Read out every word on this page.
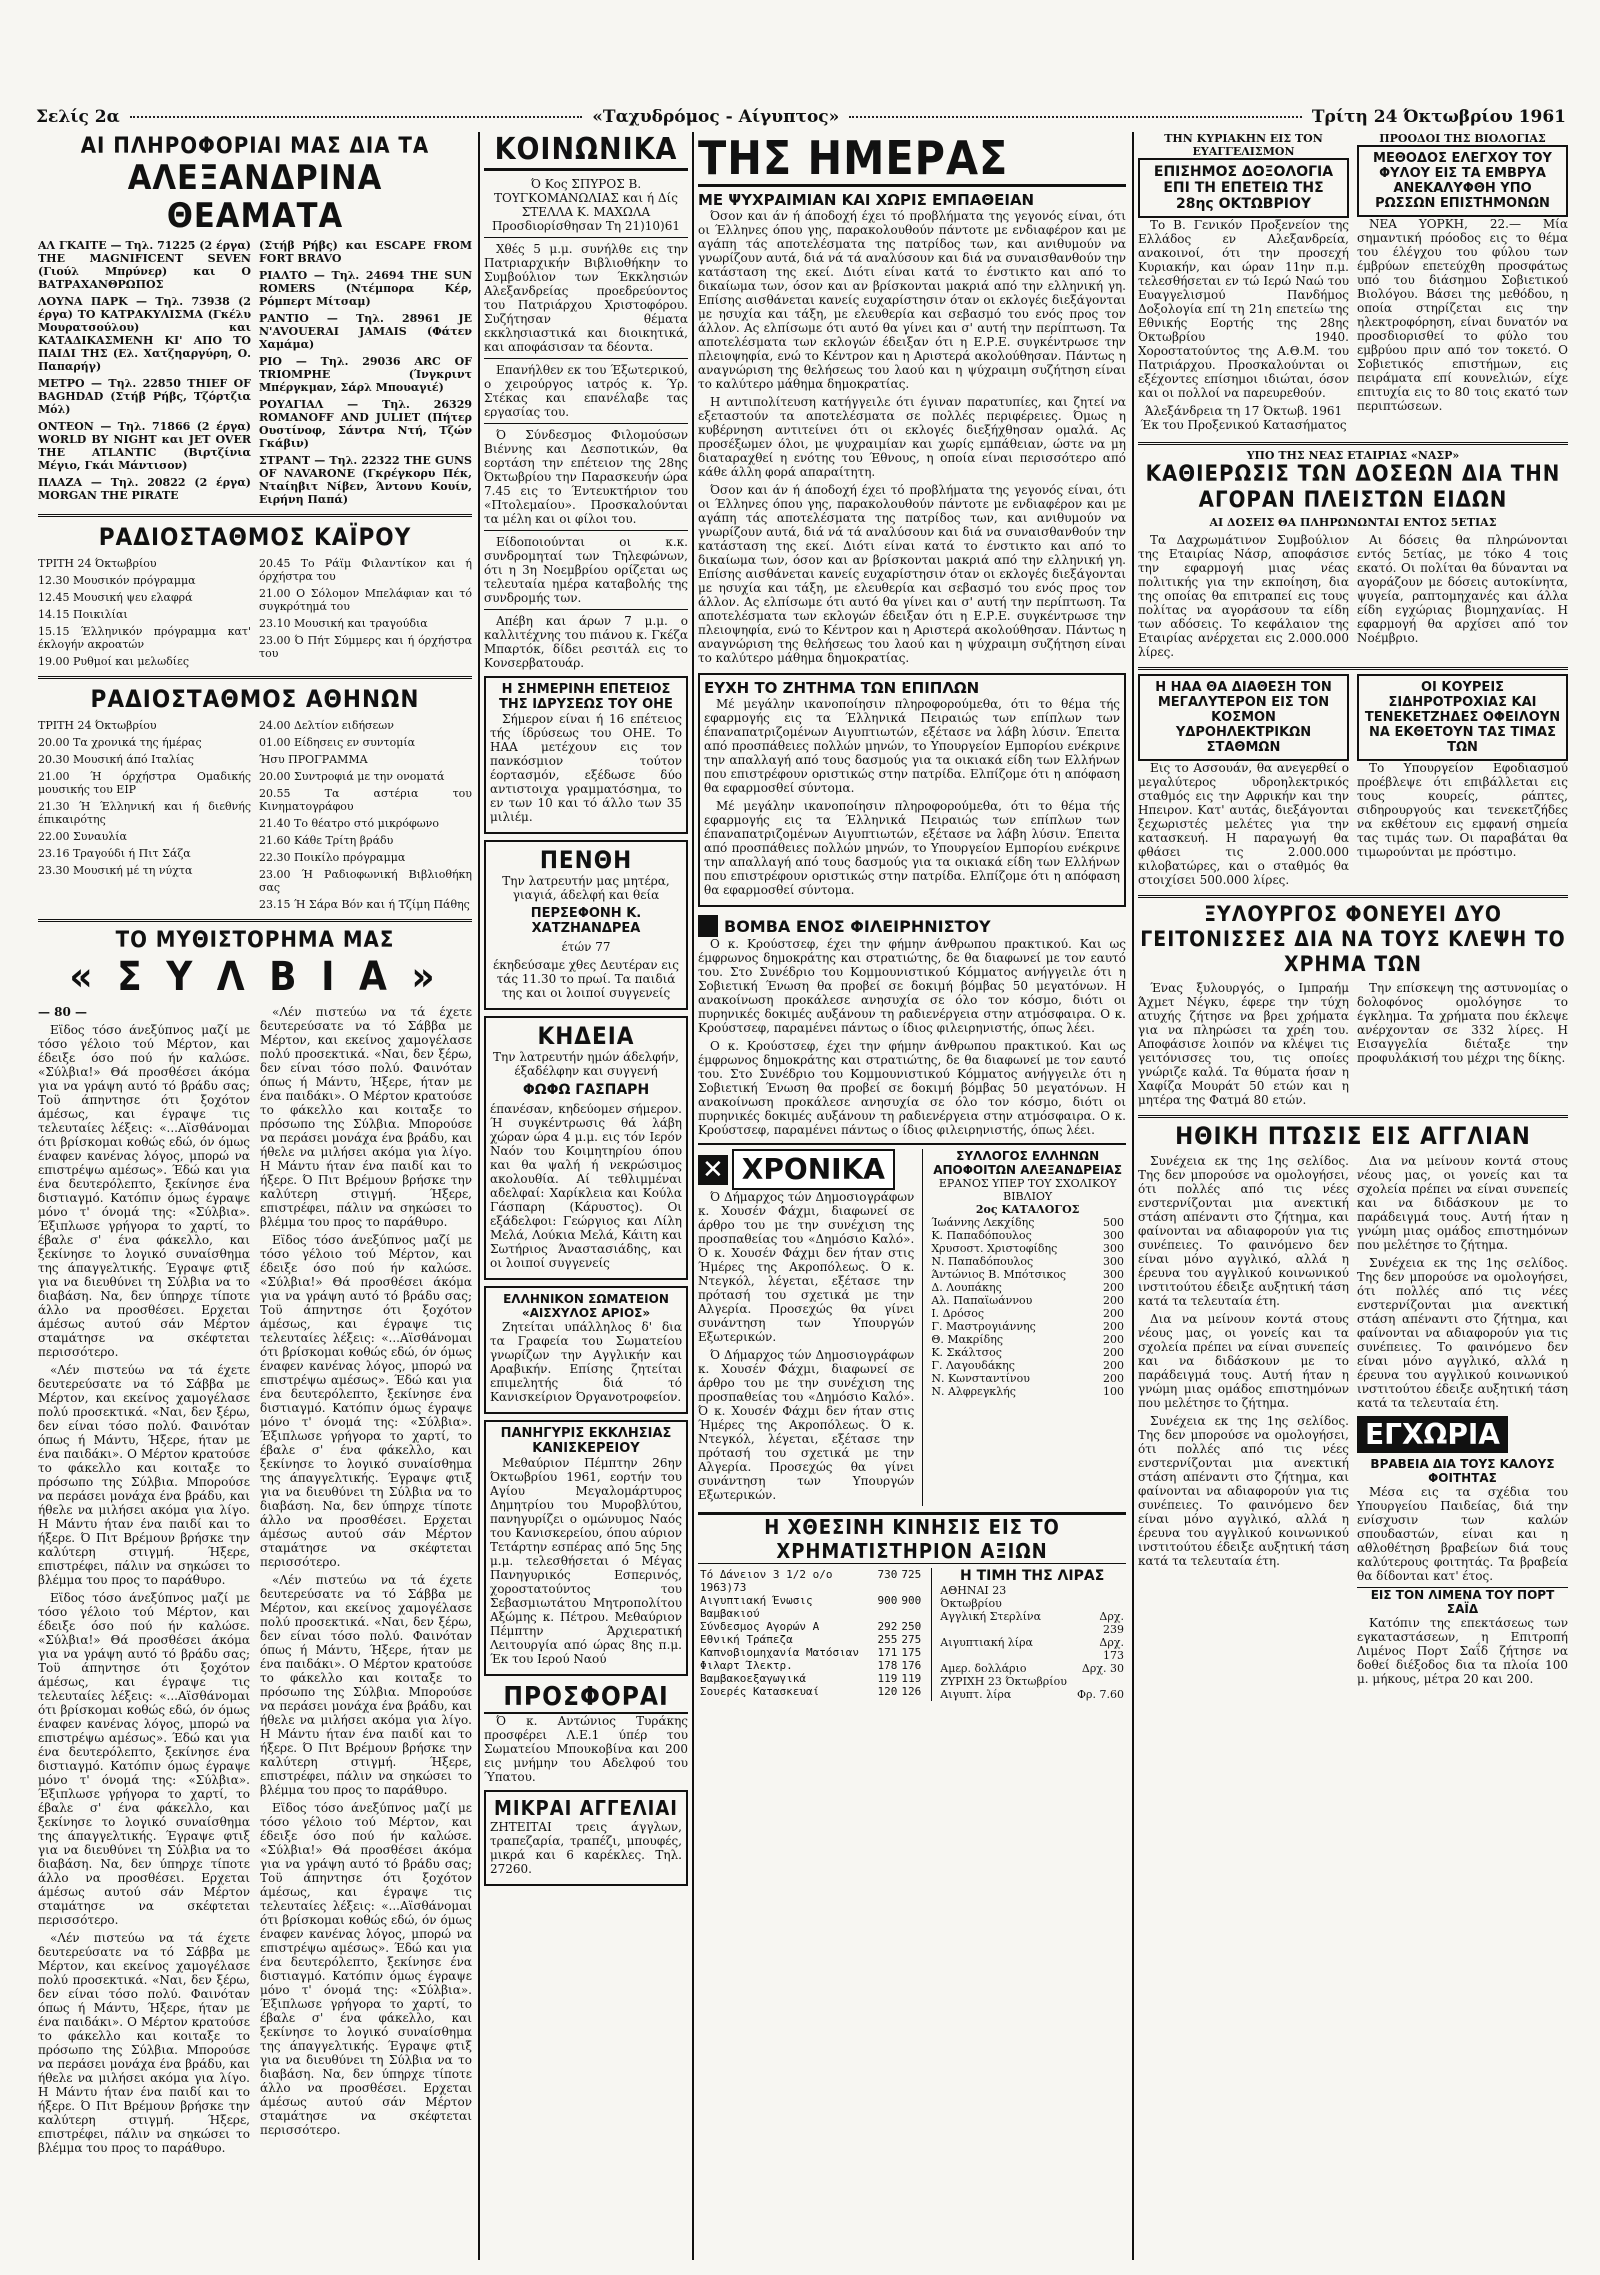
Σελίς 2α	«Ταχυδρόμος - Αίγυπτος»	Τρίτη 24 Όκτωβρίου 1961
ΑΙ ΠΛΗΡΟΦΟΡΙΑΙ ΜΑΣ ΔΙΑ ΤΑ
ΑΛΕΞΑΝΔΡΙΝΑ ΘΕΑΜΑΤΑ

ΑΛ ΓΚΑΙΤΕ — Τηλ. 71225 (2 έργα) THE MAGNIFICENT SEVEN (Γιούλ Μπρύνερ) και Ο ΒΑΤΡΑΧΑΝΘΡΩΠΟΣ

ΛΟΥΝΑ ΠΑΡΚ — Τηλ. 73938 (2 έργα) ΤΟ ΚΑΤΡΑΚΥΛΙΣΜΑ (Γκέλυ Μουρατσούλου) και ΚΑΤΑΔΙΚΑΣΜΕΝΗ ΚΙ' ΑΠΟ ΤΟ ΠΑΙΔΙ ΤΗΣ (Ελ. Χατζηαργύρη, Ο. Παπαρήγ)

ΜΕΤΡΟ — Τηλ. 22850 THIEF OF BAGHDAD (Στήβ Ρήβς, Τζόρτζια Μόλ)

ΟΝΤΕΟΝ — Τηλ. 71866 (2 έργα) WORLD BY NIGHT και JET OVER THE ATLANTIC (Βιρτζίνια Μέγιο, Γκάι Μάντισον)

ΠΛΑΖΑ — Τηλ. 20822 (2 έργα) MORGAN THE PIRATE

(Στήβ Ρήβς) και ESCAPE FROM FORT BRAVO

ΡΙΑΛΤΟ — Τηλ. 24694 THE SUN ROMERS (Ντέμπορα Κέρ, Ρόμπερτ Μίτσαμ)

ΡΑΝΤΙΟ — Τηλ. 28961 JE N'AVOUERAI JAMAIS (Φάτεν Χαμάμα)

ΡΙΟ — Τηλ. 29036 ARC OF TRIOMPHE (Ίνγκριντ Μπέργκμαν, Σάρλ Μπουαγιέ)

ΡΟΥΑΓΙΑΛ — Τηλ. 26329 ROMANOFF AND JULIET (Πήτερ Ουστίνοφ, Σάντρα Ντή, Τζών Γκάβιν)

ΣΤΡΑΝΤ — Τηλ. 22322 THE GUNS OF NAVARONE (Γκρέγκορυ Πέκ, Νταίηβιτ Νίβεν, Άντονυ Κουίν, Ειρήνη Παπά)

ΡΑΔΙΟΣΤΑΘΜΟΣ ΚΑΪΡΟΥ

ΤΡΙΤΗ 24 Όκτωβρίου

12.30 Μουσικόν πρόγραμμα

12.45 Μουσική ψευ ελαφρά

14.15 Ποικιλίαι

15.15 Έλληνικόν πρόγραμμα κατ' έκλογήν ακροατών

19.00 Ρυθμοί και μελωδίες

20.45 Το Ράϊμ Φιλαντίκον και ή όρχήστρα του

21.00 Ο Σόλομον Μπελάφιαν και τό συγκρότημά του

23.10 Μουσική και τραγούδια

23.00 Ό Πήτ Σύμμερς και ή όρχήστρα του

ΡΑΔΙΟΣΤΑΘΜΟΣ ΑΘΗΝΩΝ

ΤΡΙΤΗ 24 Όκτωβρίου

20.00 Τα χρονικά της ήμέρας

20.30 Μουσική άπό Ιταλίας

21.00 Ή όρχήστρα Ομαδικής μουσικής του ΕΙΡ

21.30 Ή Έλληνική και ή διεθνής έπικαιρότης

22.00 Συναυλία

23.16 Τραγούδι ή Πιτ Σάζα

23.30 Μουσική μέ τη νύχτα

24.00 Δελτίον ειδήσεων

01.00 Είδησεις εν συντομία

Ήσυ ΠΡΟΓΡΑΜΜΑ

20.00 Συντροφιά με την ονοματά

20.55 Τα αστέρια του Κινηματογράφου

21.40 Το θέατρο στό μικρόφωνο

21.60 Κάθε Τρίτη βράδυ

22.30 Ποικίλο πρόγραμμα

23.00 Ή Ραδιοφωνική Βιβλιοθήκη σας

23.15 Ή Σάρα Βόν και ή Τζίμη Πάθης

ΤΟ ΜΥΘΙΣΤΟΡΗΜΑ ΜΑΣ
« Σ Υ Λ Β Ι Α »

— 80 —

Εϊδος τόσο άνεξύπνος μαζί με τόσο γέλοιο τού Μέρτον, και έδειξε όσο πού ήν καλώσε. «Σύλβια!» Θά προσθέσει άκόμα για να γράψη αυτό τό βράδυ σας; Τοϋ άπηντησε ότι ξοχότον άμέσως, και έγραψε τις τελευταίες λέξεις: «...Αϊσθάνομαι ότι βρίσκομαι κοθώς εδώ, όν όμως έναφεν κανένας λόγος, μπορώ να επιστρέψω αμέσως». Έδώ και για ένα δευτερόλεπτο, ξεκίνησε ένα διστιαγμό. Κατόπιν όμως έγραψε μόνο τ' όνομά της: «Σύλβια». Έξιπλωσε γρήγορα το χαρτί, το έβαλε σ' ένα φάκελλο, και ξεκίνησε το λογικό συναίσθημα της άπαγγελτικής. Έγραψε φτιξ για να διευθύνει τη Σύλβια να το διαβάση. Να, δεν ύπηρχε τίποτε άλλο να προσθέσει. Ερχεται άμέσως αυτού σάν Μέρτον σταμάτησε να σκέφτεται περισσότερο.

«Λέν πιστεύω να τά έχετε δευτερεύσατε να τό Σάββα με Μέρτον, και εκείνος χαμογέλασε πολύ προσεκτικά. «Ναι, δεν ξέρω, δεν είναι τόσο πολύ. Φαινόταν όπως ή Μάντυ, Ήξερε, ήταν με ένα παιδάκι». Ο Μέρτον κρατούσε το φάκελλο και κοιταξε το πρόσωπο της Σύλβια. Μπορούσε να περάσει μονάχα ένα βράδυ, και ήθελε να μιλήσει ακόμα για λίγο. Η Μάντυ ήταν ένα παιδί και το ήξερε. Ό Πιτ Βρέμουν βρήσκε την καλύτερη στιγμή. Ήξερε, επιστρέφει, πάλιν να σηκώσει το βλέμμα του προς το παράθυρο.

Εϊδος τόσο άνεξύπνος μαζί με τόσο γέλοιο τού Μέρτον, και έδειξε όσο πού ήν καλώσε. «Σύλβια!» Θά προσθέσει άκόμα για να γράψη αυτό τό βράδυ σας; Τοϋ άπηντησε ότι ξοχότον άμέσως, και έγραψε τις τελευταίες λέξεις: «...Αϊσθάνομαι ότι βρίσκομαι κοθώς εδώ, όν όμως έναφεν κανένας λόγος, μπορώ να επιστρέψω αμέσως». Έδώ και για ένα δευτερόλεπτο, ξεκίνησε ένα διστιαγμό. Κατόπιν όμως έγραψε μόνο τ' όνομά της: «Σύλβια». Έξιπλωσε γρήγορα το χαρτί, το έβαλε σ' ένα φάκελλο, και ξεκίνησε το λογικό συναίσθημα της άπαγγελτικής. Έγραψε φτιξ για να διευθύνει τη Σύλβια να το διαβάση. Να, δεν ύπηρχε τίποτε άλλο να προσθέσει. Ερχεται άμέσως αυτού σάν Μέρτον σταμάτησε να σκέφτεται περισσότερο.

«Λέν πιστεύω να τά έχετε δευτερεύσατε να τό Σάββα με Μέρτον, και εκείνος χαμογέλασε πολύ προσεκτικά. «Ναι, δεν ξέρω, δεν είναι τόσο πολύ. Φαινόταν όπως ή Μάντυ, Ήξερε, ήταν με ένα παιδάκι». Ο Μέρτον κρατούσε το φάκελλο και κοιταξε το πρόσωπο της Σύλβια. Μπορούσε να περάσει μονάχα ένα βράδυ, και ήθελε να μιλήσει ακόμα για λίγο. Η Μάντυ ήταν ένα παιδί και το ήξερε. Ό Πιτ Βρέμουν βρήσκε την καλύτερη στιγμή. Ήξερε, επιστρέφει, πάλιν να σηκώσει το βλέμμα του προς το παράθυρο.

«Λέν πιστεύω να τά έχετε δευτερεύσατε να τό Σάββα με Μέρτον, και εκείνος χαμογέλασε πολύ προσεκτικά. «Ναι, δεν ξέρω, δεν είναι τόσο πολύ. Φαινόταν όπως ή Μάντυ, Ήξερε, ήταν με ένα παιδάκι». Ο Μέρτον κρατούσε το φάκελλο και κοιταξε το πρόσωπο της Σύλβια. Μπορούσε να περάσει μονάχα ένα βράδυ, και ήθελε να μιλήσει ακόμα για λίγο. Η Μάντυ ήταν ένα παιδί και το ήξερε. Ό Πιτ Βρέμουν βρήσκε την καλύτερη στιγμή. Ήξερε, επιστρέφει, πάλιν να σηκώσει το βλέμμα του προς το παράθυρο.

Εϊδος τόσο άνεξύπνος μαζί με τόσο γέλοιο τού Μέρτον, και έδειξε όσο πού ήν καλώσε. «Σύλβια!» Θά προσθέσει άκόμα για να γράψη αυτό τό βράδυ σας; Τοϋ άπηντησε ότι ξοχότον άμέσως, και έγραψε τις τελευταίες λέξεις: «...Αϊσθάνομαι ότι βρίσκομαι κοθώς εδώ, όν όμως έναφεν κανένας λόγος, μπορώ να επιστρέψω αμέσως». Έδώ και για ένα δευτερόλεπτο, ξεκίνησε ένα διστιαγμό. Κατόπιν όμως έγραψε μόνο τ' όνομά της: «Σύλβια». Έξιπλωσε γρήγορα το χαρτί, το έβαλε σ' ένα φάκελλο, και ξεκίνησε το λογικό συναίσθημα της άπαγγελτικής. Έγραψε φτιξ για να διευθύνει τη Σύλβια να το διαβάση. Να, δεν ύπηρχε τίποτε άλλο να προσθέσει. Ερχεται άμέσως αυτού σάν Μέρτον σταμάτησε να σκέφτεται περισσότερο.

«Λέν πιστεύω να τά έχετε δευτερεύσατε να τό Σάββα με Μέρτον, και εκείνος χαμογέλασε πολύ προσεκτικά. «Ναι, δεν ξέρω, δεν είναι τόσο πολύ. Φαινόταν όπως ή Μάντυ, Ήξερε, ήταν με ένα παιδάκι». Ο Μέρτον κρατούσε το φάκελλο και κοιταξε το πρόσωπο της Σύλβια. Μπορούσε να περάσει μονάχα ένα βράδυ, και ήθελε να μιλήσει ακόμα για λίγο. Η Μάντυ ήταν ένα παιδί και το ήξερε. Ό Πιτ Βρέμουν βρήσκε την καλύτερη στιγμή. Ήξερε, επιστρέφει, πάλιν να σηκώσει το βλέμμα του προς το παράθυρο.

Εϊδος τόσο άνεξύπνος μαζί με τόσο γέλοιο τού Μέρτον, και έδειξε όσο πού ήν καλώσε. «Σύλβια!» Θά προσθέσει άκόμα για να γράψη αυτό τό βράδυ σας; Τοϋ άπηντησε ότι ξοχότον άμέσως, και έγραψε τις τελευταίες λέξεις: «...Αϊσθάνομαι ότι βρίσκομαι κοθώς εδώ, όν όμως έναφεν κανένας λόγος, μπορώ να επιστρέψω αμέσως». Έδώ και για ένα δευτερόλεπτο, ξεκίνησε ένα διστιαγμό. Κατόπιν όμως έγραψε μόνο τ' όνομά της: «Σύλβια». Έξιπλωσε γρήγορα το χαρτί, το έβαλε σ' ένα φάκελλο, και ξεκίνησε το λογικό συναίσθημα της άπαγγελτικής. Έγραψε φτιξ για να διευθύνει τη Σύλβια να το διαβάση. Να, δεν ύπηρχε τίποτε άλλο να προσθέσει. Ερχεται άμέσως αυτού σάν Μέρτον σταμάτησε να σκέφτεται περισσότερο.

ΚΟΙΝΩΝΙΚΑ
Ό Κος ΣΠΥΡΟΣ Β. ΤΟΥΓΚΟΜΑΝΩΛΙΑΣ και ή Δίς ΣΤΕΛΛΑ Κ. ΜΑΧΩΛΑ Προσδιορίσθησαν Τη 21)10)61

Χθές 5 μ.μ. συνήλθε εις την Πατριαρχικήν Βιβλιοθήκην το Συμβούλιον των Έκκλησιών Αλεξανδρείας προεδρεύοντος του Πατριάρχου Χριστοφόρου. Συζήτησαν θέματα εκκλησιαστικά και διοικητικά, και αποφάσισαν τα δέοντα.

Επανήλθεν εκ του Έξωτερικού, ο χειρούργος ιατρός κ. Ύρ. Στέκας και επανέλαβε τας εργασίας του.

Ό Σύνδεσμος Φιλομούσων Βιέννης και Δεσποτικών, θα εορτάση την επέτειον της 28ης Όκτωβρίου την Παρασκευήν ώρα 7.45 εις το Έντευκτήριον του «Πτολεμαίου». Προσκαλούνται τα μέλη και οι φίλοι του.

Είδοποιούνται οι κ.κ. συνδρομηταί των Τηλεφώνων, ότι η 3η Νοεμβρίου ορίζεται ως τελευταία ημέρα καταβολής της συνδρομής των.

Απέβη και άρων 7 μ.μ. ο καλλιτέχνης του πιάνου κ. Γκέζα Μπαρτόκ, δίδει ρεσιτάλ εις το Κονσερβατουάρ.

Η ΣΗΜΕΡΙΝΗ ΕΠΕΤΕΙΟΣ ΤΗΣ ΙΔΡΥΣΕΩΣ ΤΟΥ ΟΗΕ

Σήμερον είναι ή 16 επέτειος τής ίδρύσεως του ΟΗΕ. Το ΗΑΑ μετέχουν εις τον πανκόσμιον τούτον έορτασμόν, εξέδωσε δύο αντιστοιχα γραμματόσημα, το εν των 10 και τό άλλο των 35 μιλιέμ.

ΠΕΝΘΗ

Την λατρευτήν μας μητέρα, γιαγιά, άδελφή και θεία

ΠΕΡΣΕΦΟΝΗ Κ. ΧΑΤΖΗΑΝΔΡΕΑ

έτών 77

έκηδεύσαμε χθες Δευτέραν εις τάς 11.30 το πρωί. Τα παιδιά της και οι λοιποί συγγενείς

ΚΗΔΕΙΑ

Την λατρευτήν ημών άδελφήν, έξαδέλφην και συγγενή

ΦΩΦΩ ΓΑΣΠΑΡΗ

έπανέσαν, κηδεύομεν σήμερον. Ή συγκέντρωσις θά λάβη χώραν ώρα 4 μ.μ. εις τόν Ιερόν Ναόν του Κοιμητηρίου όπου και θα ψαλή ή νεκρώσιμος ακολουθία. Αί τεθλιμμέναι αδελφαί: Χαρίκλεια και Κούλα Γάσπαρη (Κάρυστος). Οι εξάδελφοι: Γεώργιος και Λίλη Μελά, Λούκια Μελά, Κάιτη και Σωτήριος Άναστασιάδης, και οι λοιποί συγγενείς

ΕΛΛΗΝΙΚΟΝ ΣΩΜΑΤΕΙΟΝ «ΑΙΣΧΥΛΟΣ ΑΡΙΟΣ»

Ζητείται υπάλληλος δ' δια τα Γραφεία του Σωματείου γνωρίζων την Αγγλικήν και Αραβικήν. Επίσης ζητείται επιμελητής διά τό Κανισκείριον Όργανοτροφείον.

ΠΑΝΗΓΥΡΙΣ ΕΚΚΛΗΣΙΑΣ ΚΑΝΙΣΚΕΡΕΙΟΥ

Μεθαύριον Πέμπτην 26ην Όκτωβρίου 1961, εορτήν του Αγίου Μεγαλομάρτυρος Δημητρίου του Μυροβλύτου, πανηγυρίζει ο ομώνυμος Ναός του Κανισκερείου, όπου αύριον Τετάρτην εσπέρας από 5ης 5ης μ.μ. τελεσθήσεται ό Μέγας Πανηγυρικός Εσπερινός, χοροστατούντος του Σεβασμιωτάτου Μητροπολίτου Αξώμης κ. Πέτρου. Μεθαύριον Πέμπτην Άρχιερατική Λειτουργία από ώρας 8ης π.μ. Έκ του Ιερού Ναού

ΠΡΟΣΦΟΡΑΙ

Ό κ. Αντώνιος Τυράκης προσφέρει Λ.Ε.1 ύπέρ του Σωματείου Μπουκοβίνα και 200 εις μνήμην του Αδελφού του Ύπατου.

ΜΙΚΡΑΙ ΑΓΓΕΛΙΑΙ

ΖΗΤΕΙΤΑΙ τρεις άγγλων, τραπεζαρία, τραπέζι, μπουφές, μικρά και 6 καρέκλες. Τηλ. 27260.

ΤΗΣ ΗΜΕΡΑΣ
ΜΕ ΨΥΧΡΑΙΜΙΑΝ ΚΑΙ ΧΩΡΙΣ ΕΜΠΑΘΕΙΑΝ

Όσον και άν ή άποδοχή έχει τό προβλήματα της γεγονός είναι, ότι οι Έλληνες όπου γης, παρακολουθούν πάντοτε με ενδιαφέρον και με αγάπη τάς αποτελέσματα της πατρίδος των, και ανιθυμούν να γνωρίζουν αυτά, διά νά τά αναλύσουν και διά να συναισθανθούν την κατάσταση της εκεί. Διότι είναι κατά το ένστικτο και από το δικαίωμα των, όσον και αν βρίσκονται μακριά από την ελληνική γη. Επίσης αισθάνεται κανείς ευχαρίστησιν όταν οι εκλογές διεξάγονται με ησυχία και τάξη, με ελευθερία και σεβασμό του ενός προς τον άλλον. Ας ελπίσωμε ότι αυτό θα γίνει και σ' αυτή την περίπτωση. Τα αποτελέσματα των εκλογών έδειξαν ότι η Ε.Ρ.Ε. συγκέντρωσε την πλειοψηφία, ενώ το Κέντρον και η Αριστερά ακολούθησαν. Πάντως η αναγνώριση της θελήσεως του λαού και η ψύχραιμη συζήτηση είναι το καλύτερο μάθημα δημοκρατίας.

Η αντιπολίτευση κατήγγειλε ότι έγιναν παρατυπίες, και ζητεί να εξεταστούν τα αποτελέσματα σε πολλές περιφέρειες. Όμως η κυβέρνηση αντιτείνει ότι οι εκλογές διεξήχθησαν ομαλά. Ας προσέξωμεν όλοι, με ψυχραιμίαν και χωρίς εμπάθειαν, ώστε να μη διαταραχθεί η ενότης του Έθνους, η οποία είναι περισσότερο από κάθε άλλη φορά απαραίτητη.

Όσον και άν ή άποδοχή έχει τό προβλήματα της γεγονός είναι, ότι οι Έλληνες όπου γης, παρακολουθούν πάντοτε με ενδιαφέρον και με αγάπη τάς αποτελέσματα της πατρίδος των, και ανιθυμούν να γνωρίζουν αυτά, διά νά τά αναλύσουν και διά να συναισθανθούν την κατάσταση της εκεί. Διότι είναι κατά το ένστικτο και από το δικαίωμα των, όσον και αν βρίσκονται μακριά από την ελληνική γη. Επίσης αισθάνεται κανείς ευχαρίστησιν όταν οι εκλογές διεξάγονται με ησυχία και τάξη, με ελευθερία και σεβασμό του ενός προς τον άλλον. Ας ελπίσωμε ότι αυτό θα γίνει και σ' αυτή την περίπτωση. Τα αποτελέσματα των εκλογών έδειξαν ότι η Ε.Ρ.Ε. συγκέντρωσε την πλειοψηφία, ενώ το Κέντρον και η Αριστερά ακολούθησαν. Πάντως η αναγνώριση της θελήσεως του λαού και η ψύχραιμη συζήτηση είναι το καλύτερο μάθημα δημοκρατίας.

ΕΥΧΗ ΤΟ ΖΗΤΗΜΑ ΤΩΝ ΕΠΙΠΛΩΝ

Μέ μεγάλην ικανοποίησιν πληροφορούμεθα, ότι το θέμα τής εφαρμογής εις τα Έλληνικά Πειραιώς των επίπλων των έπαναπατριζομένων Αιγυπτιωτών, εξέτασε να λάβη λύσιν. Έπειτα από προσπάθειες πολλών μηνών, το Υπουργείον Εμπορίου ενέκρινε την απαλλαγή από τους δασμούς για τα οικιακά είδη των Ελλήνων που επιστρέφουν οριστικώς στην πατρίδα. Ελπίζομε ότι η απόφαση θα εφαρμοσθεί σύντομα.

Μέ μεγάλην ικανοποίησιν πληροφορούμεθα, ότι το θέμα τής εφαρμογής εις τα Έλληνικά Πειραιώς των επίπλων των έπαναπατριζομένων Αιγυπτιωτών, εξέτασε να λάβη λύσιν. Έπειτα από προσπάθειες πολλών μηνών, το Υπουργείον Εμπορίου ενέκρινε την απαλλαγή από τους δασμούς για τα οικιακά είδη των Ελλήνων που επιστρέφουν οριστικώς στην πατρίδα. Ελπίζομε ότι η απόφαση θα εφαρμοσθεί σύντομα.

ΒΟΜΒΑ ΕΝΟΣ ΦΙΛΕΙΡΗΝΙΣΤΟΥ

Ο κ. Κρούστσεφ, έχει την φήμην άνθρωπου πρακτικού. Και ως έμφρωνος δημοκράτης και στρατιώτης, δε θα διαφωνεί με τον εαυτό του. Στο Συνέδριο του Κομμουνιστικού Κόμματος ανήγγειλε ότι η Σοβιετική Ένωση θα προβεί σε δοκιμή βόμβας 50 μεγατόνων. Η ανακοίνωση προκάλεσε ανησυχία σε όλο τον κόσμο, διότι οι πυρηνικές δοκιμές αυξάνουν τη ραδιενέργεια στην ατμόσφαιρα. Ο κ. Κρούστσεφ, παραμένει πάντως ο ίδιος φιλειρηνιστής, όπως λέει.

Ο κ. Κρούστσεφ, έχει την φήμην άνθρωπου πρακτικού. Και ως έμφρωνος δημοκράτης και στρατιώτης, δε θα διαφωνεί με τον εαυτό του. Στο Συνέδριο του Κομμουνιστικού Κόμματος ανήγγειλε ότι η Σοβιετική Ένωση θα προβεί σε δοκιμή βόμβας 50 μεγατόνων. Η ανακοίνωση προκάλεσε ανησυχία σε όλο τον κόσμο, διότι οι πυρηνικές δοκιμές αυξάνουν τη ραδιενέργεια στην ατμόσφαιρα. Ο κ. Κρούστσεφ, παραμένει πάντως ο ίδιος φιλειρηνιστής, όπως λέει.

✕ ΧΡΟΝΙΚΑ

Ό Δήμαρχος τών Δημοσιογράφων κ. Χουσέν Φάχμι, διαφωνεί σε άρθρο του με την συνέχιση της προσπαθείας του «Δημόσιο Καλό». Ό κ. Χουσέν Φάχμι δεν ήταν στις Ήμέρες της Ακροπόλεως. Ό κ. Ντεγκόλ, λέγεται, εξέτασε την πρότασή του σχετικά με την Αλγερία. Προσεχώς θα γίνει συνάντηση των Υπουργών Εξωτερικών.

Ό Δήμαρχος τών Δημοσιογράφων κ. Χουσέν Φάχμι, διαφωνεί σε άρθρο του με την συνέχιση της προσπαθείας του «Δημόσιο Καλό». Ό κ. Χουσέν Φάχμι δεν ήταν στις Ήμέρες της Ακροπόλεως. Ό κ. Ντεγκόλ, λέγεται, εξέτασε την πρότασή του σχετικά με την Αλγερία. Προσεχώς θα γίνει συνάντηση των Υπουργών Εξωτερικών.

ΣΥΛΛΟΓΟΣ ΕΛΛΗΝΩΝ ΑΠΟΦΟΙΤΩΝ ΑΛΕΞΑΝΔΡΕΙΑΣ
ΕΡΑΝΟΣ ΥΠΕΡ ΤΟΥ ΣΧΟΛΙΚΟΥ ΒΙΒΛΙΟΥ
2ος ΚΑΤΑΛΟΓΟΣ
Ίωάννης Λεκχίδης	500
Κ. Παπαδόπουλος	300
Χρυσοστ. Χριστοφίδης	300
Ν. Παπαδόπουλος	300
Άντώνιος Β. Μπότσικος	300
Δ. Λουπάκης	200
Αλ. Παπαϊωάννου	200
Ι. Δρόσος	200
Γ. Μαστρογιάννης	200
Θ. Μακρίδης	200
Κ. Σκάλτσος	200
Γ. Λαγουδάκης	200
Ν. Κωνσταντίνου	200
Ν. Αλφρεγκλής	100
Η ΧΘΕΣΙΝΗ ΚΙΝΗΣΙΣ ΕΙΣ ΤΟ ΧΡΗΜΑΤΙΣΤΗΡΙΟΝ ΑΞΙΩΝ
Τό Δάνειον 3 1/2 ο/ο 1963)73	730	725
Αιγυπτιακή Ένωσις Βαμβακιού	900	900
Σύνδεσμος Αγορών Α	292	250
Εθνική Τράπεζα	255	275
Καπνοβιομηχανία Ματόσιαν	171	175
Φιλαρτ Ίλεκτρ.	178	176
Βαμβακοεξαγωγικά	119	119
Σουερές Κατασκευαί	120	126
Η ΤΙΜΗ ΤΗΣ ΛΙΡΑΣ
ΑΘΗΝΑΙ 23 Όκτωβρίου	
Αγγλική Στερλίνα	Δρχ. 239
Αιγυπτιακή λίρα	Δρχ. 173
Αμερ. δολλάριο	Δρχ. 30
ΖΥΡΙΧΗ 23 Όκτωβρίου	
Αιγυπτ. λίρα	Φρ. 7.60
ΤΗΝ ΚΥΡΙΑΚΗΝ ΕΙΣ ΤΟΝ ΕΥΑΓΓΕΛΙΣΜΟΝ
ΕΠΙΣΗΜΟΣ ΔΟΞΟΛΟΓΙΑ ΕΠΙ ΤΗ ΕΠΕΤΕΙΩ ΤΗΣ 28ης ΟΚΤΩΒΡΙΟΥ

Το Β. Γενικόν Προξενείον της Ελλάδος εν Αλεξανδρεία, ανακοινοί, ότι την προσεχή Κυριακήν, και ώραν 11ην π.μ. τελεσθήσεται εν τώ Ιερώ Ναώ του Ευαγγελισμού Πανδήμος Δοξολογία επί τη 21η επετείω της Εθνικής Εορτής της 28ης Όκτωβρίου 1940. Χοροστατούντος της Α.Θ.Μ. του Πατριάρχου. Προσκαλούνται οι εξέχοντες επίσημοι ιδιώται, όσον και οι πολλοί να παρευρεθούν.

Άλεξάνδρεια τη 17 Όκτωβ. 1961 Έκ του Προξενικού Κατασήματος

ΠΡΟΟΔΟΙ ΤΗΣ ΒΙΟΛΟΓΙΑΣ
ΜΕΘΟΔΟΣ ΕΛΕΓΧΟΥ ΤΟΥ ΦΥΛΟΥ ΕΙΣ ΤΑ ΕΜΒΡΥΑ ΑΝΕΚΑΛΥΦΘΗ ΥΠΟ ΡΩΣΣΩΝ ΕΠΙΣΤΗΜΟΝΩΝ

ΝΕΑ ΥΟΡΚΗ, 22.— Μία σημαντική πρόοδος εις το θέμα του έλέγχου του φύλου των έμβρύων επετεύχθη προσφάτως υπό του διάσημου Σοβιετικού Βιολόγου. Βάσει της μεθόδου, η οποία στηρίζεται εις την ηλεκτροφόρηση, είναι δυνατόν να προσδιορισθεί το φύλο του εμβρύου πριν από τον τοκετό. Ο Σοβιετικός επιστήμων, εις πειράματα επί κουνελιών, είχε επιτυχία εις το 80 τοις εκατό των περιπτώσεων.

ΥΠΟ ΤΗΣ ΝΕΑΣ ΕΤΑΙΡΙΑΣ «ΝΑΣΡ»
ΚΑΘΙΕΡΩΣΙΣ ΤΩΝ ΔΟΣΕΩΝ ΔΙΑ ΤΗΝ ΑΓΟΡΑΝ ΠΛΕΙΣΤΩΝ ΕΙΔΩΝ
ΑΙ ΔΟΣΕΙΣ ΘΑ ΠΛΗΡΩΝΩΝΤΑΙ ΕΝΤΟΣ 5ΕΤΙΑΣ

Τα Δαχρωμάτινον Συμβούλιον της Εταιρίας Νάσρ, αποφάσισε την εφαρμογή μιας νέας πολιτικής για την εκποίηση, δια της οποίας θα επιτραπεί εις τους πολίτας να αγοράσουν τα είδη των αδόσεις. Το κεφάλαιον της Εταιρίας ανέρχεται εις 2.000.000 λίρες.

Αι δόσεις θα πληρώνονται εντός 5ετίας, με τόκο 4 τοις εκατό. Οι πολίται θα δύνανται να αγοράζουν με δόσεις αυτοκίνητα, ψυγεία, ραπτομηχανές και άλλα είδη εγχώριας βιομηχανίας. Η εφαρμογή θα αρχίσει από τον Νοέμβριο.

Η ΗΑΑ ΘΑ ΔΙΑΘΕΣΗ ΤΟΝ ΜΕΓΑΛΥΤΕΡΟΝ ΕΙΣ ΤΟΝ ΚΟΣΜΟΝ ΥΔΡΟΗΛΕΚΤΡΙΚΩΝ ΣΤΑΘΜΩΝ

Εις το Ασσουάν, θα ανεγερθεί ο μεγαλύτερος υδροηλεκτρικός σταθμός εις την Αφρικήν και την Ηπειρον. Κατ' αυτάς, διεξάγονται ξεχωριστές μελέτες για την κατασκευή. Η παραγωγή θα φθάσει τις 2.000.000 κιλοβατώρες, και ο σταθμός θα στοιχίσει 500.000 λίρες.

ΟΙ ΚΟΥΡΕΙΣ ΣΙΔΗΡΟΤΡΟΧΙΑΣ ΚΑΙ ΤΕΝΕΚΕΤΖΗΔΕΣ ΟΦΕΙΛΟΥΝ ΝΑ ΕΚΘΕΤΟΥΝ ΤΑΣ ΤΙΜΑΣ ΤΩΝ

Το Υπουργείον Εφοδιασμού προέβλεψε ότι επιβάλλεται εις τους κουρείς, ράπτες, σιδηρουργούς και τενεκετζήδες να εκθέτουν εις εμφανή σημεία τας τιμάς των. Οι παραβάται θα τιμωρούνται με πρόστιμο.

ΞΥΛΟΥΡΓΟΣ ΦΟΝΕΥΕΙ ΔΥΟ ΓΕΙΤΟΝΙΣΣΕΣ ΔΙΑ ΝΑ ΤΟΥΣ ΚΛΕΨΗ ΤΟ ΧΡΗΜΑ ΤΩΝ

Ένας ξυλουργός, ο Ιμπραήμ Άχμετ Νέγκυ, έφερε την τύχη ατυχής ζήτησε να βρει χρήματα για να πληρώσει τα χρέη του. Αποφάσισε λοιπόν να κλέψει τις γειτόνισσες του, τις οποίες γνώριζε καλά. Τα θύματα ήσαν η Χαφίζα Μουράτ 50 ετών και η μητέρα της Φατμά 80 ετών.

Την επίσκεψη της αστυνομίας ο δολοφόνος ομολόγησε το έγκλημα. Τα χρήματα που έκλεψε ανέρχονταν σε 332 λίρες. Η Εισαγγελία διέταξε την προφυλάκισή του μέχρι της δίκης.

ΗΘΙΚΗ ΠΤΩΣΙΣ ΕΙΣ ΑΓΓΛΙΑΝ

Συνέχεια εκ της 1ης σελίδος. Της δεν μπορούσε να ομολογήσει, ότι πολλές από τις νέες ενστερνίζονται μια ανεκτική στάση απέναντι στο ζήτημα, και φαίνονται να αδιαφορούν για τις συνέπειες. Το φαινόμενο δεν είναι μόνο αγγλικό, αλλά η έρευνα του αγγλικού κοινωνικού ινστιτούτου έδειξε αυξητική τάση κατά τα τελευταία έτη.

Δια να μείνουν κοντά στους νέους μας, οι γονείς και τα σχολεία πρέπει να είναι συνεπείς και να διδάσκουν με το παράδειγμά τους. Αυτή ήταν η γνώμη μιας ομάδος επιστημόνων που μελέτησε το ζήτημα.

Συνέχεια εκ της 1ης σελίδος. Της δεν μπορούσε να ομολογήσει, ότι πολλές από τις νέες ενστερνίζονται μια ανεκτική στάση απέναντι στο ζήτημα, και φαίνονται να αδιαφορούν για τις συνέπειες. Το φαινόμενο δεν είναι μόνο αγγλικό, αλλά η έρευνα του αγγλικού κοινωνικού ινστιτούτου έδειξε αυξητική τάση κατά τα τελευταία έτη.

Δια να μείνουν κοντά στους νέους μας, οι γονείς και τα σχολεία πρέπει να είναι συνεπείς και να διδάσκουν με το παράδειγμά τους. Αυτή ήταν η γνώμη μιας ομάδος επιστημόνων που μελέτησε το ζήτημα.

Συνέχεια εκ της 1ης σελίδος. Της δεν μπορούσε να ομολογήσει, ότι πολλές από τις νέες ενστερνίζονται μια ανεκτική στάση απέναντι στο ζήτημα, και φαίνονται να αδιαφορούν για τις συνέπειες. Το φαινόμενο δεν είναι μόνο αγγλικό, αλλά η έρευνα του αγγλικού κοινωνικού ινστιτούτου έδειξε αυξητική τάση κατά τα τελευταία έτη.

ΕΓΧΩΡΙΑ
ΒΡΑΒΕΙΑ ΔΙΑ ΤΟΥΣ ΚΑΛΟΥΣ ΦΟΙΤΗΤΑΣ

Μέσα εις τα σχέδια του Υπουργείου Παιδείας, διά την ενίσχυσιν των καλών σπουδαστών, είναι και η αθλοθέτηση βραβείων διά τους καλύτερους φοιτητάς. Τα βραβεία θα δίδονται κατ' έτος.

ΕΙΣ ΤΟΝ ΛΙΜΕΝΑ ΤΟΥ ΠΟΡΤ ΣΑΪΔ

Κατόπιν της επεκτάσεως των εγκαταστάσεων, η Επιτροπή Λιμένος Πορτ Σαΐδ ζήτησε να δοθεί διέξοδος δια τα πλοία 100 μ. μήκους, μέτρα 20 και 200.
